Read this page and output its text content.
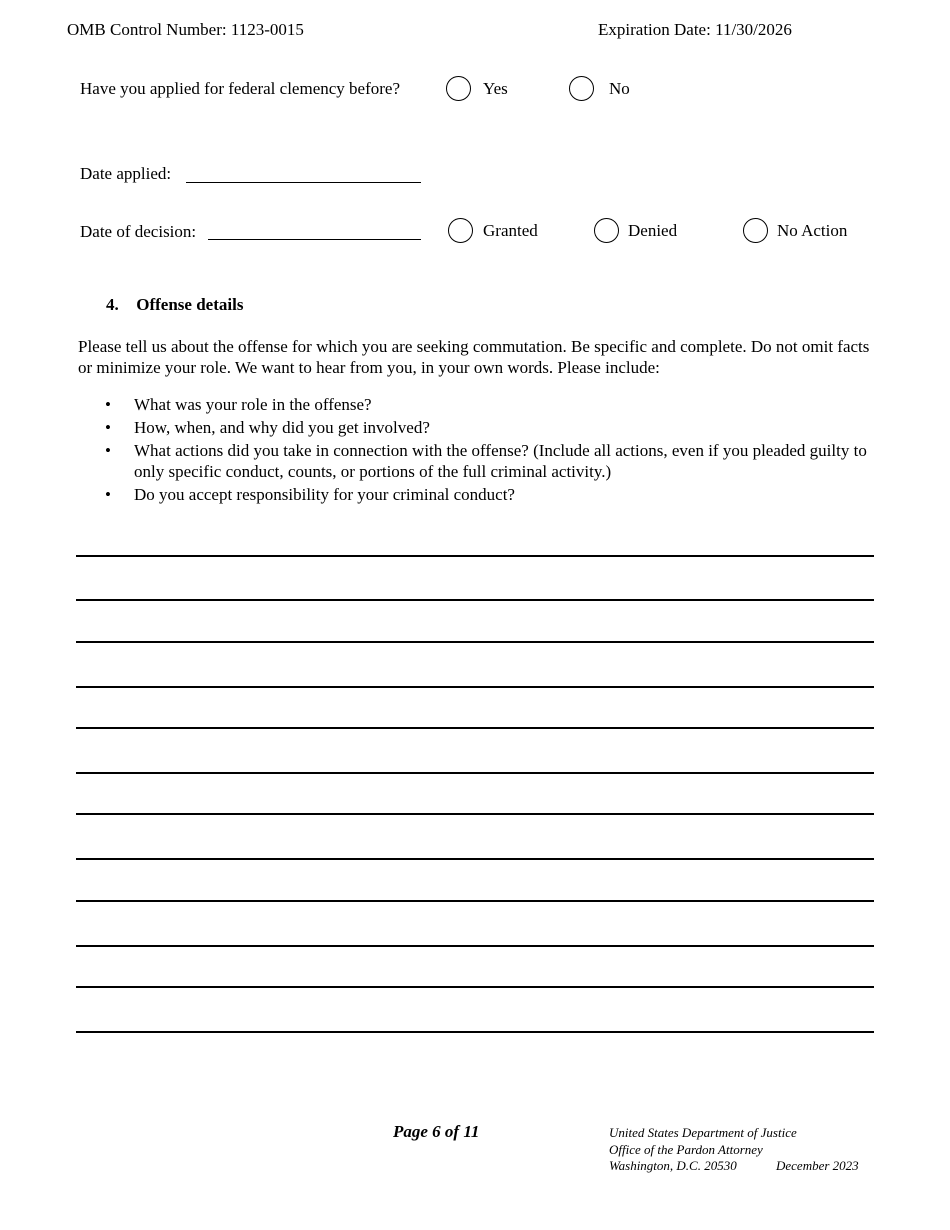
OMB Control Number: 1123-0015	Expiration Date: 11/30/2026
Have you applied for federal clemency before?	Yes	No
Date applied:
Date of decision:	Granted	Denied	No Action
4. Offense details
Please tell us about the offense for which you are seeking commutation. Be specific and complete. Do not omit facts or minimize your role. We want to hear from you, in your own words. Please include:
• What was your role in the offense?
• How, when, and why did you get involved?
• What actions did you take in connection with the offense? (Include all actions, even if you pleaded guilty to only specific conduct, counts, or portions of the full criminal activity.)
• Do you accept responsibility for your criminal conduct?
Page 6 of 11	United States Department of Justice
Office of the Pardon Attorney
Washington, D.C. 20530	December 2023
